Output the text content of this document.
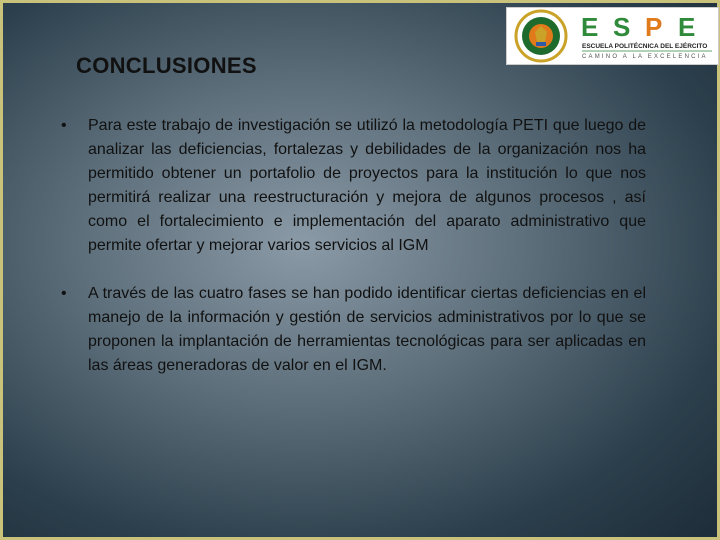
CONCLUSIONES
E S P E
ESCUELA POLITÉCNICA DEL EJÉRCITO
CAMINO A LA EXCELENCIA
• Para este trabajo de investigación se utilizó la metodología PETI que luego de analizar las deficiencias, fortalezas y debilidades de la organización nos ha permitido obtener un portafolio de proyectos para la institución lo que nos permitirá realizar una reestructuración y mejora de algunos procesos , así como el fortalecimiento e implementación del aparato administrativo que permite ofertar y mejorar varios servicios al IGM

• A través de las cuatro fases se han podido identificar ciertas deficiencias en el manejo de la información y gestión de servicios administrativos por lo que se proponen la implantación de herramientas tecnológicas para ser aplicadas en las áreas generadoras de valor en el IGM.
